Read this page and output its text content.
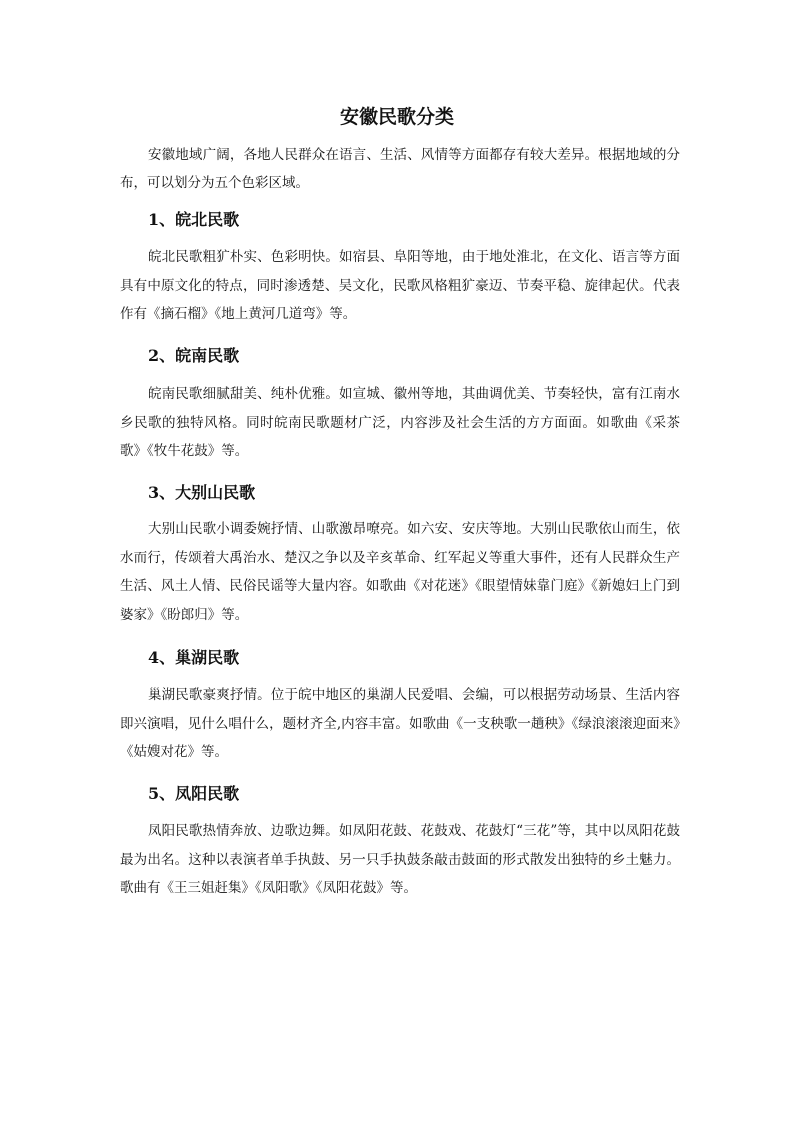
安徽民歌分类

安徽地域广阔，各地人民群众在语言、生活、风情等方面都存有较大差异。根据地域的分布，可以划分为五个色彩区域。

1、皖北民歌

皖北民歌粗犷朴实、色彩明快。如宿县、阜阳等地，由于地处淮北，在文化、语言等方面具有中原文化的特点，同时渗透楚、吴文化，民歌风格粗犷豪迈、节奏平稳、旋律起伏。代表作有《摘石榴》《地上黄河几道弯》等。

2、皖南民歌

皖南民歌细腻甜美、纯朴优雅。如宣城、徽州等地，其曲调优美、节奏轻快，富有江南水乡民歌的独特风格。同时皖南民歌题材广泛，内容涉及社会生活的方方面面。如歌曲《采茶歌》《牧牛花鼓》等。

3、大别山民歌

大别山民歌小调委婉抒情、山歌激昂嘹亮。如六安、安庆等地。大别山民歌依山而生，依水而行，传颂着大禹治水、楚汉之争以及辛亥革命、红军起义等重大事件，还有人民群众生产生活、风土人情、民俗民谣等大量内容。如歌曲《对花迷》《眼望情妹靠门庭》《新媳妇上门到婆家》《盼郎归》等。

4、巢湖民歌

巢湖民歌豪爽抒情。位于皖中地区的巢湖人民爱唱、会编，可以根据劳动场景、生活内容即兴演唱，见什么唱什么，题材齐全,内容丰富。如歌曲《一支秧歌一趟秧》《绿浪滚滚迎面来》《姑嫂对花》等。

5、凤阳民歌

凤阳民歌热情奔放、边歌边舞。如凤阳花鼓、花鼓戏、花鼓灯“三花”等，其中以凤阳花鼓最为出名。这种以表演者单手执鼓、另一只手执鼓条敲击鼓面的形式散发出独特的乡土魅力。歌曲有《王三姐赶集》《凤阳歌》《凤阳花鼓》等。
